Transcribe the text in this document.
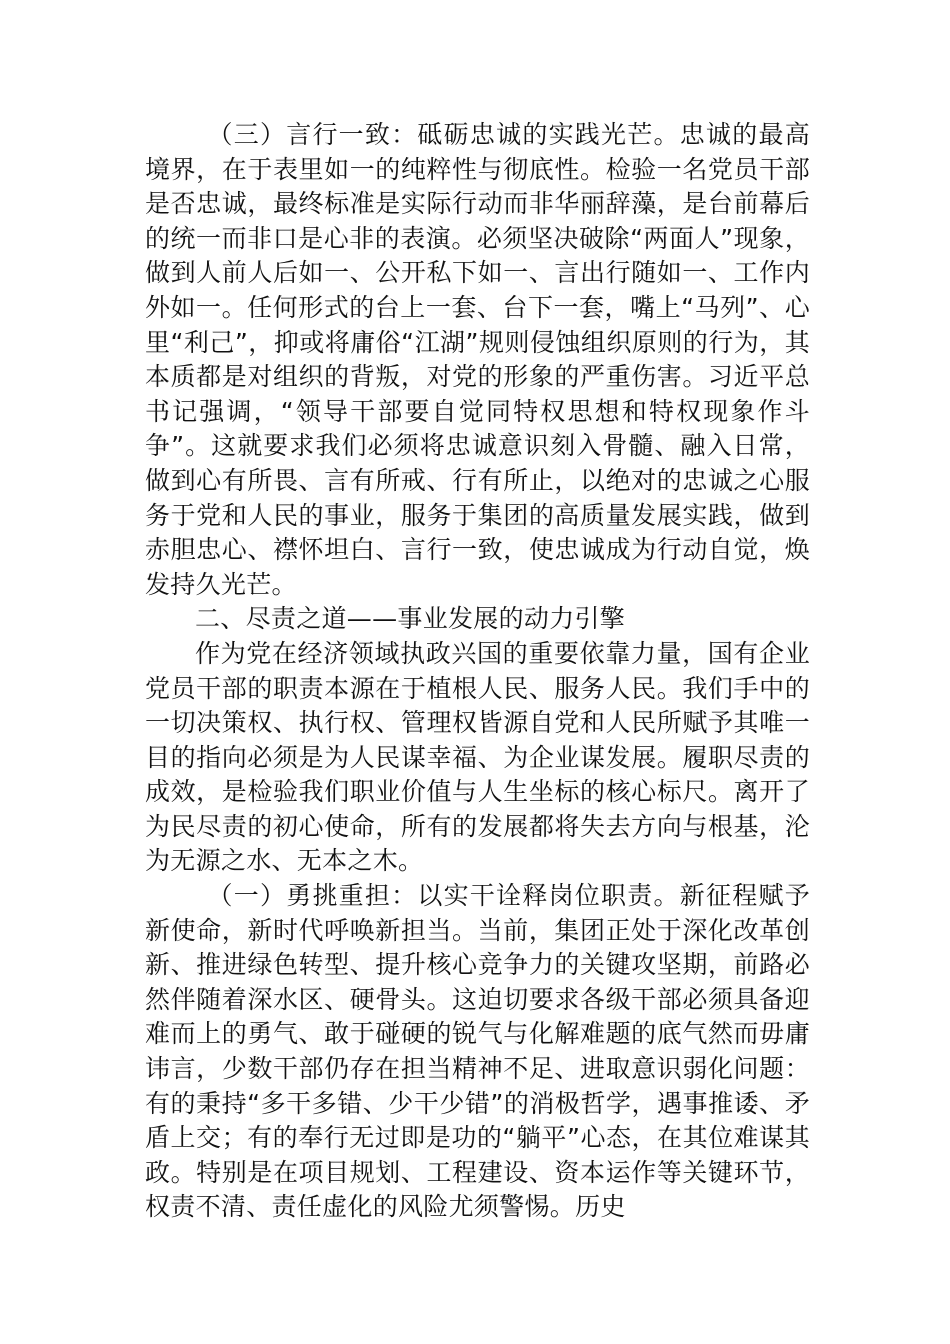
（三）言行一致：砥砺忠诚的实践光芒。忠诚的最高境界，在于表里如一的纯粹性与彻底性。检验一名党员干部是否忠诚，最终标准是实际行动而非华丽辞藻，是台前幕后的统一而非口是心非的表演。必须坚决破除“两面人”现象，做到人前人后如一、公开私下如一、言出行随如一、工作内外如一。任何形式的台上一套、台下一套，嘴上“马列”、心里“利己”，抑或将庸俗“江湖”规则侵蚀组织原则的行为，其本质都是对组织的背叛，对党的形象的严重伤害。习近平总书记强调，“领导干部要自觉同特权思想和特权现象作斗争”。这就要求我们必须将忠诚意识刻入骨髓、融入日常，做到心有所畏、言有所戒、行有所止，以绝对的忠诚之心服务于党和人民的事业，服务于集团的高质量发展实践，做到赤胆忠心、襟怀坦白、言行一致，使忠诚成为行动自觉，焕发持久光芒。

二、尽责之道——事业发展的动力引擎

作为党在经济领域执政兴国的重要依靠力量，国有企业党员干部的职责本源在于植根人民、服务人民。我们手中的一切决策权、执行权、管理权皆源自党和人民所赋予其唯一目的指向必须是为人民谋幸福、为企业谋发展。履职尽责的成效，是检验我们职业价值与人生坐标的核心标尺。离开了为民尽责的初心使命，所有的发展都将失去方向与根基，沦为无源之水、无本之木。

（一）勇挑重担：以实干诠释岗位职责。新征程赋予新使命，新时代呼唤新担当。当前，集团正处于深化改革创新、推进绿色转型、提升核心竞争力的关键攻坚期，前路必然伴随着深水区、硬骨头。这迫切要求各级干部必须具备迎难而上的勇气、敢于碰硬的锐气与化解难题的底气然而毋庸讳言，少数干部仍存在担当精神不足、进取意识弱化问题：有的秉持“多干多错、少干少错”的消极哲学，遇事推诿、矛盾上交；有的奉行无过即是功的“躺平”心态，在其位难谋其政。特别是在项目规划、工程建设、资本运作等关键环节，权责不清、责任虚化的风险尤须警惕。历史
